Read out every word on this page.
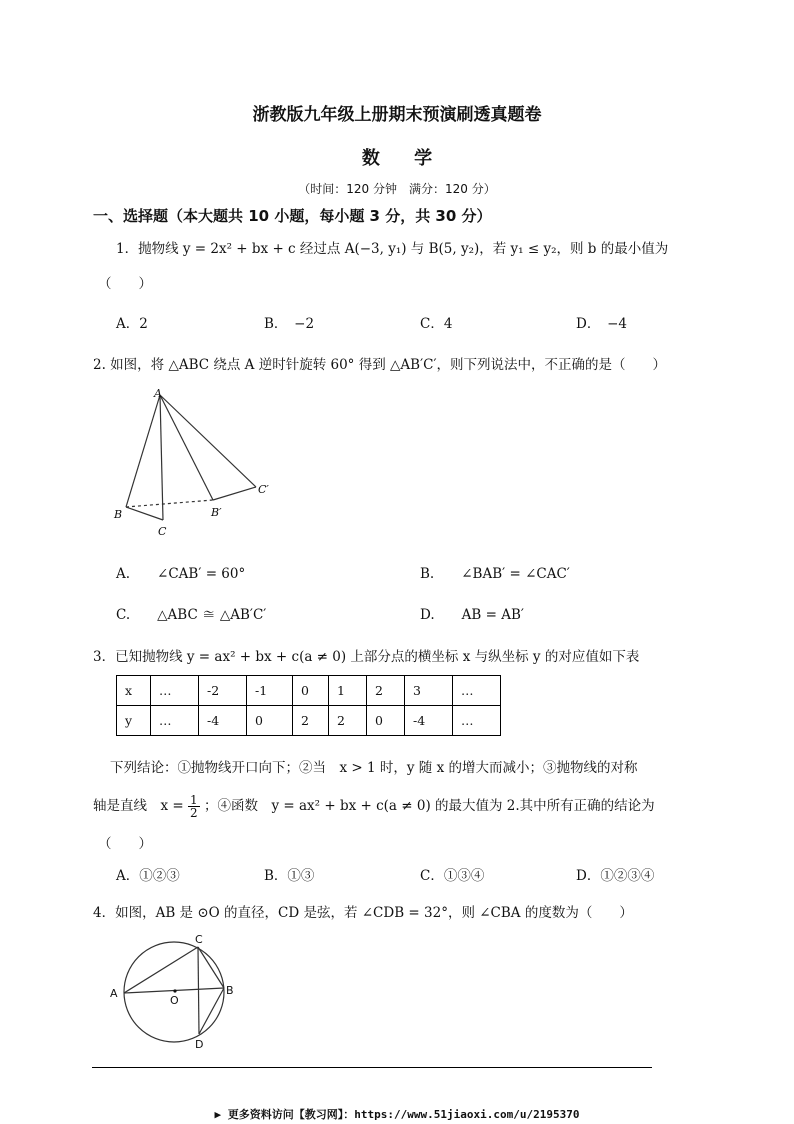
浙教版九年级上册期末预演刷透真题卷
数 学
（时间：120 分钟　满分：120 分）
一、选择题（本大题共 10 小题，每小题 3 分，共 30 分）
1．抛物线 y = 2x² + bx + c 经过点 A(−3, y₁) 与 B(5, y₂)，若 y₁ ≤ y₂，则 b 的最小值为
（　　）
A．2	B．　−2	C．4	D．　−4
2. 如图，将 △ABC 绕点 A 逆时针旋转 60° 得到 △AB′C′，则下列说法中，不正确的是（　　）
A
B
C
B′
C′
A.　　∠CAB′ = 60°	B.　　∠BAB′ = ∠CAC′
C.　　△ABC ≅ △AB′C′	D.　　AB = AB′
3．已知抛物线 y = ax² + bx + c(a ≠ 0) 上部分点的横坐标 x 与纵坐标 y 的对应值如下表
x	…	-2	-1	0	1	2	3	…
y	…	-4	0	2	2	0	-4	…
下列结论：①抛物线开口向下；②当　x > 1 时，y 随 x 的增大而减小；③抛物线的对称
轴是直线　$x = \frac{1}{2}$ ；④函数　y = ax² + bx + c(a ≠ 0) 的最大值为 2.其中所有正确的结论为
（　　）
A．①②③	B．①③	C．①③④	D．①②③④
4．如图，AB 是 ⊙O 的直径，CD 是弦，若 ∠CDB = 32°，则 ∠CBA 的度数为（　　）
A	B
C
D
O
▶ 更多资料访问【教习网】：https://www.51jiaoxi.com/u/2195370
